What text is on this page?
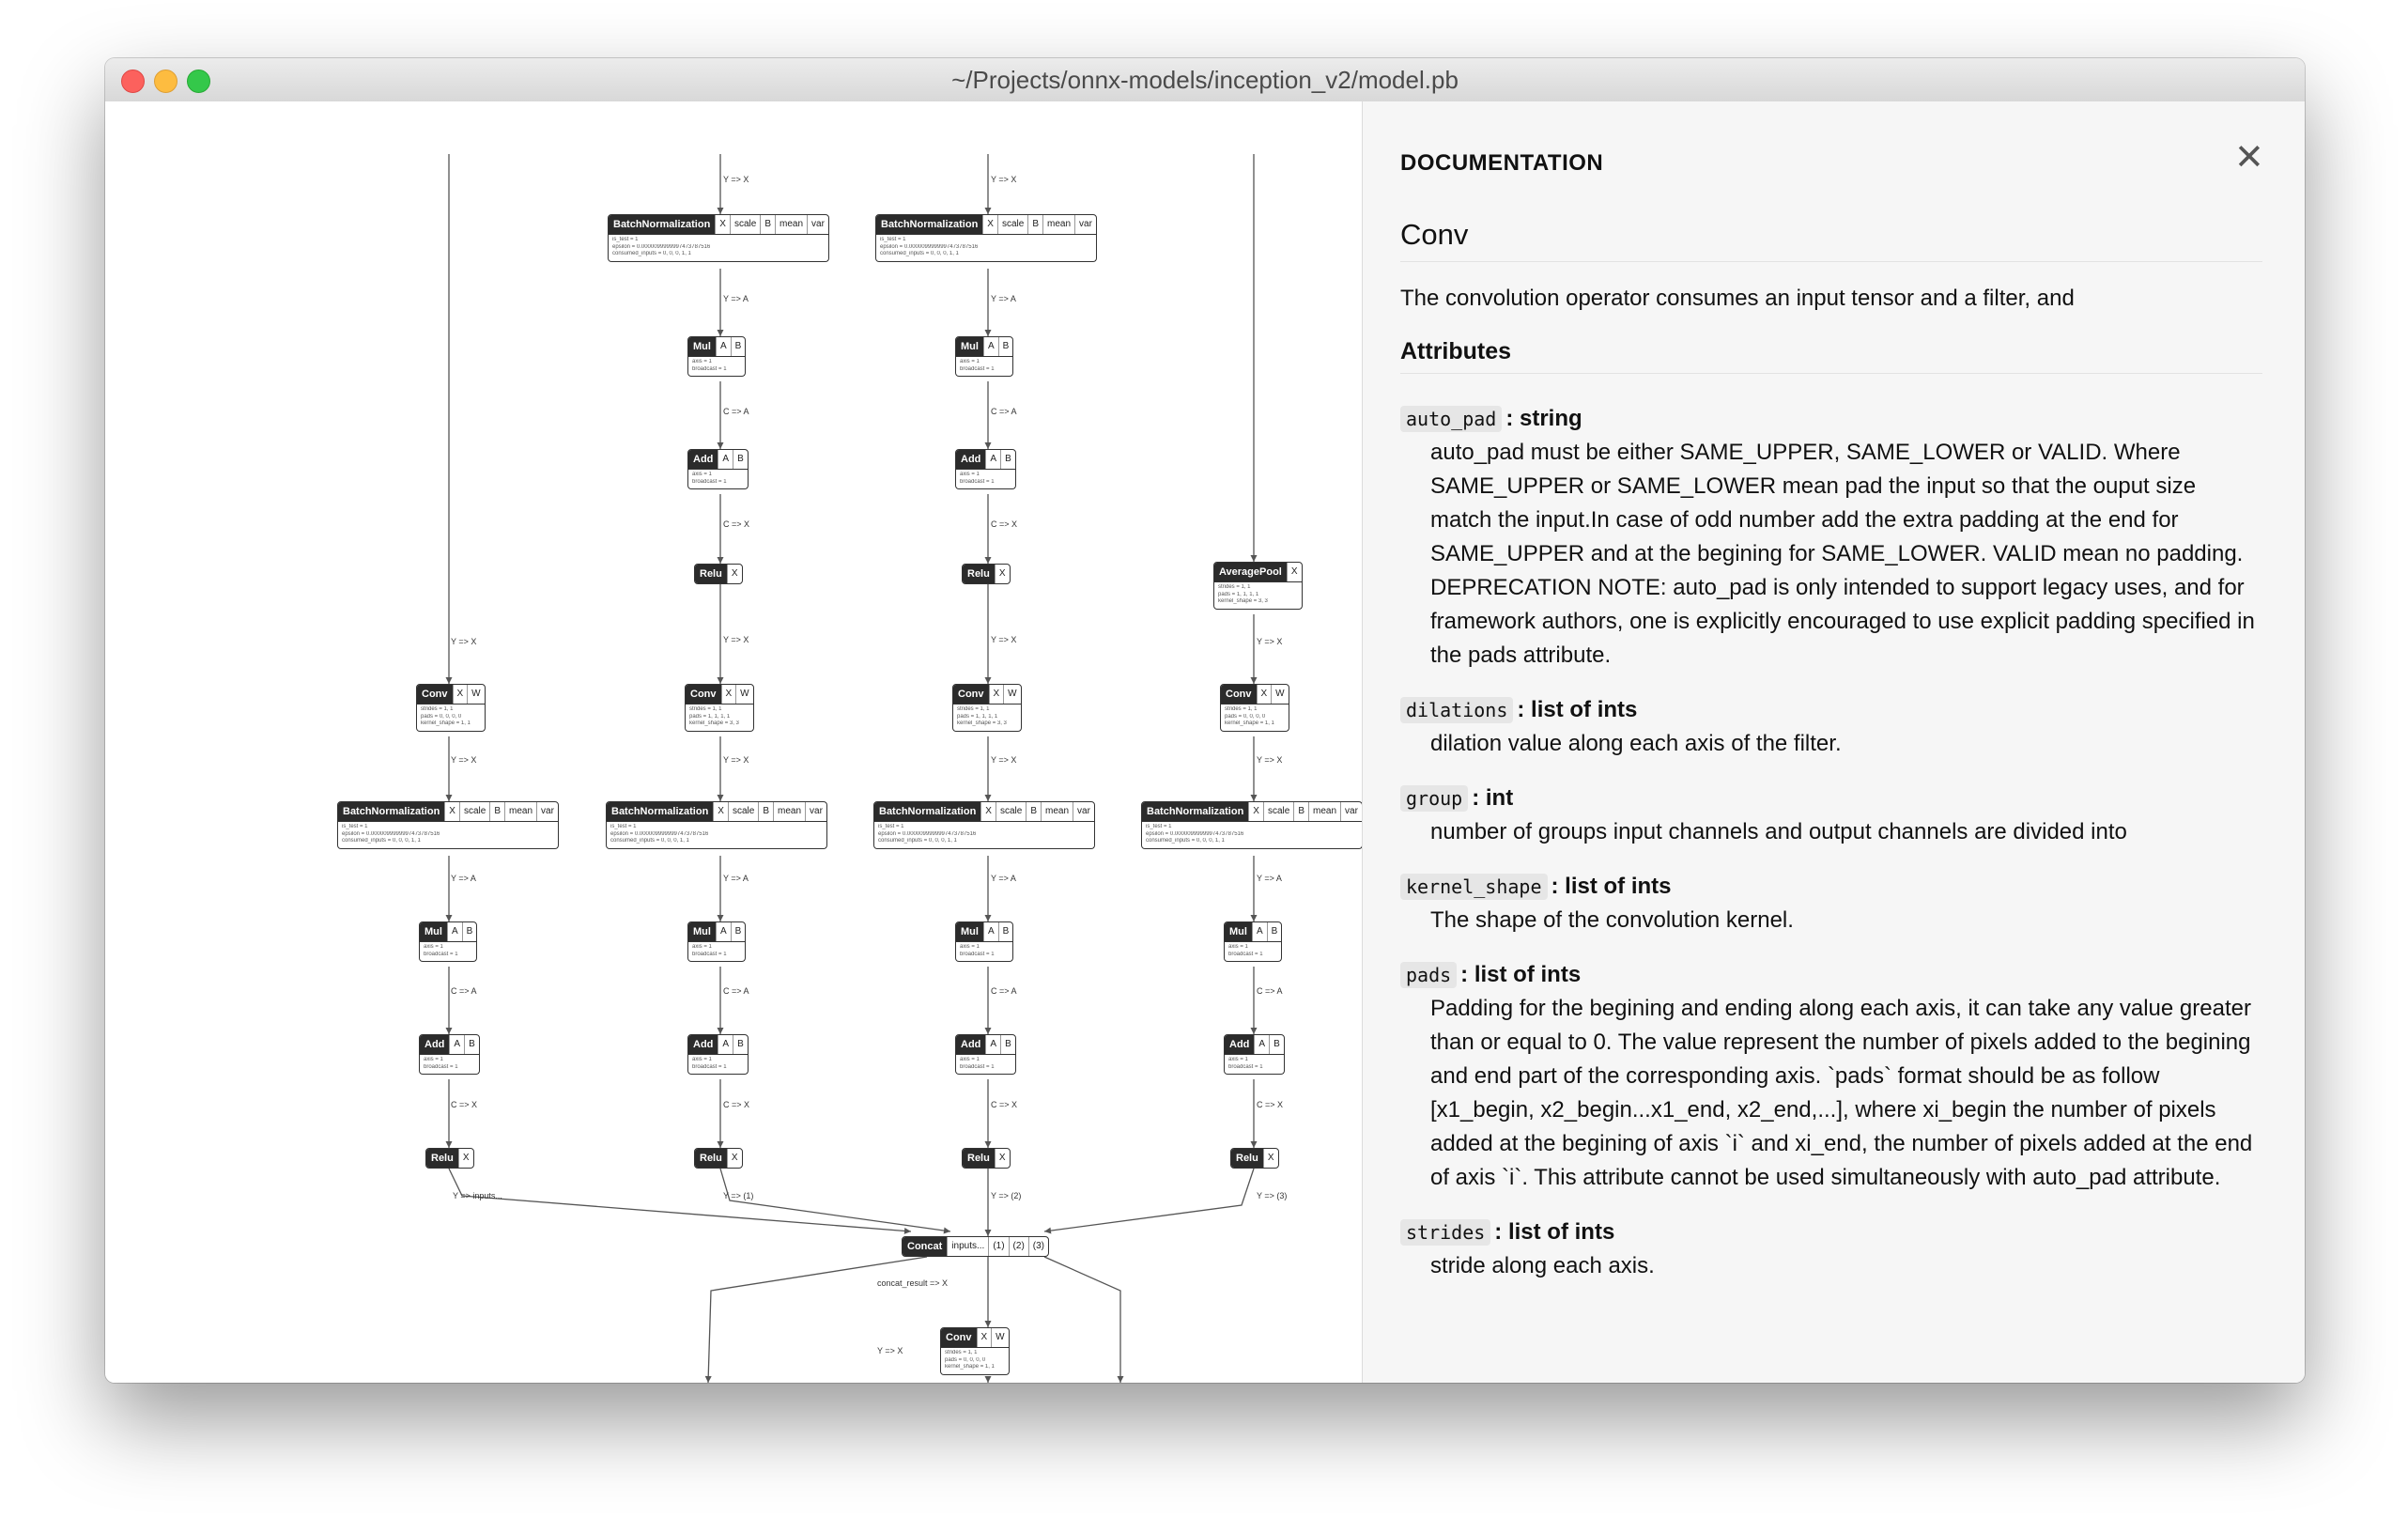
~/Projects/onnx-models/inception_v2/model.pb
BatchNormalization	X scale B mean var
is_test = 1
epsilon = 0.0000099999997473787516
consumed_inputs = 0, 0, 0, 1, 1
BatchNormalization	X scale B mean var
is_test = 1
epsilon = 0.0000099999997473787516
consumed_inputs = 0, 0, 0, 1, 1
Mul	A B
axis = 1
broadcast = 1
Mul	A B
axis = 1
broadcast = 1
Add	A B
axis = 1
broadcast = 1
Add	A B
axis = 1
broadcast = 1
Relu	X	Relu	X	AveragePool	X
strides = 1, 1
pads = 1, 1, 1, 1
kernel_shape = 3, 3
Conv	X W
strides = 1, 1
pads = 0, 0, 0, 0
kernel_shape = 1, 1
Conv	X W
strides = 1, 1
pads = 1, 1, 1, 1
kernel_shape = 3, 3
Conv	X W
strides = 1, 1
pads = 1, 1, 1, 1
kernel_shape = 3, 3
Conv	X W
strides = 1, 1
pads = 0, 0, 0, 0
kernel_shape = 1, 1
BatchNormalization	X scale B mean var
is_test = 1
epsilon = 0.0000099999997473787516
consumed_inputs = 0, 0, 0, 1, 1
BatchNormalization	X scale B mean var
is_test = 1
epsilon = 0.0000099999997473787516
consumed_inputs = 0, 0, 0, 1, 1
BatchNormalization	X scale B mean var
is_test = 1
epsilon = 0.0000099999997473787516
consumed_inputs = 0, 0, 0, 1, 1
BatchNormalization	X scale B mean var
is_test = 1
epsilon = 0.0000099999997473787516
consumed_inputs = 0, 0, 0, 1, 1
Mul	A B
axis = 1
broadcast = 1
Mul	A B
axis = 1
broadcast = 1
Mul	A B
axis = 1
broadcast = 1
Mul	A B
axis = 1
broadcast = 1
Add	A B
axis = 1
broadcast = 1
Add	A B
axis = 1
broadcast = 1
Add	A B
axis = 1
broadcast = 1
Add	A B
axis = 1
broadcast = 1
Relu	X	Relu	X	Relu	X	Relu	X
Concat	inputs... (1) (2) (3)
Conv	X W
strides = 1, 1
pads = 0, 0, 0, 0
kernel_shape = 1, 1
Y => X	Y => X
Y => A	Y => A
C => A	C => A
C => X	C => X
Y => X	Y => X
Y => X	Y => X
Y => X	Y => X	Y => X	Y => X
Y => A	Y => A	Y => A	Y => A
C => A	C => A	C => A	C => A
C => X	C => X	C => X	C => X
Y => inputs...	Y => (1)	Y => (2)	Y => (3)
concat_result => X
Y => X
DOCUMENTATION	✕
Conv
The convolution operator consumes an input tensor and a filter, and
Attributes
auto_pad : string
auto_pad must be either SAME_UPPER, SAME_LOWER or VALID. Where SAME_UPPER or SAME_LOWER mean pad the input so that the ouput size match the input.In case of odd number add the extra padding at the end for SAME_UPPER and at the begining for SAME_LOWER. VALID mean no padding. DEPRECATION NOTE: auto_pad is only intended to support legacy uses, and for framework authors, one is explicitly encouraged to use explicit padding specified in the pads attribute.
dilations : list of ints
dilation value along each axis of the filter.
group : int
number of groups input channels and output channels are divided into
kernel_shape : list of ints
The shape of the convolution kernel.
pads : list of ints
Padding for the begining and ending along each axis, it can take any value greater than or equal to 0. The value represent the number of pixels added to the begining and end part of the corresponding axis. `pads` format should be as follow [x1_begin, x2_begin...x1_end, x2_end,...], where xi_begin the number of pixels added at the begining of axis `i` and xi_end, the number of pixels added at the end of axis `i`. This attribute cannot be used simultaneously with auto_pad attribute.
strides : list of ints
stride along each axis.
